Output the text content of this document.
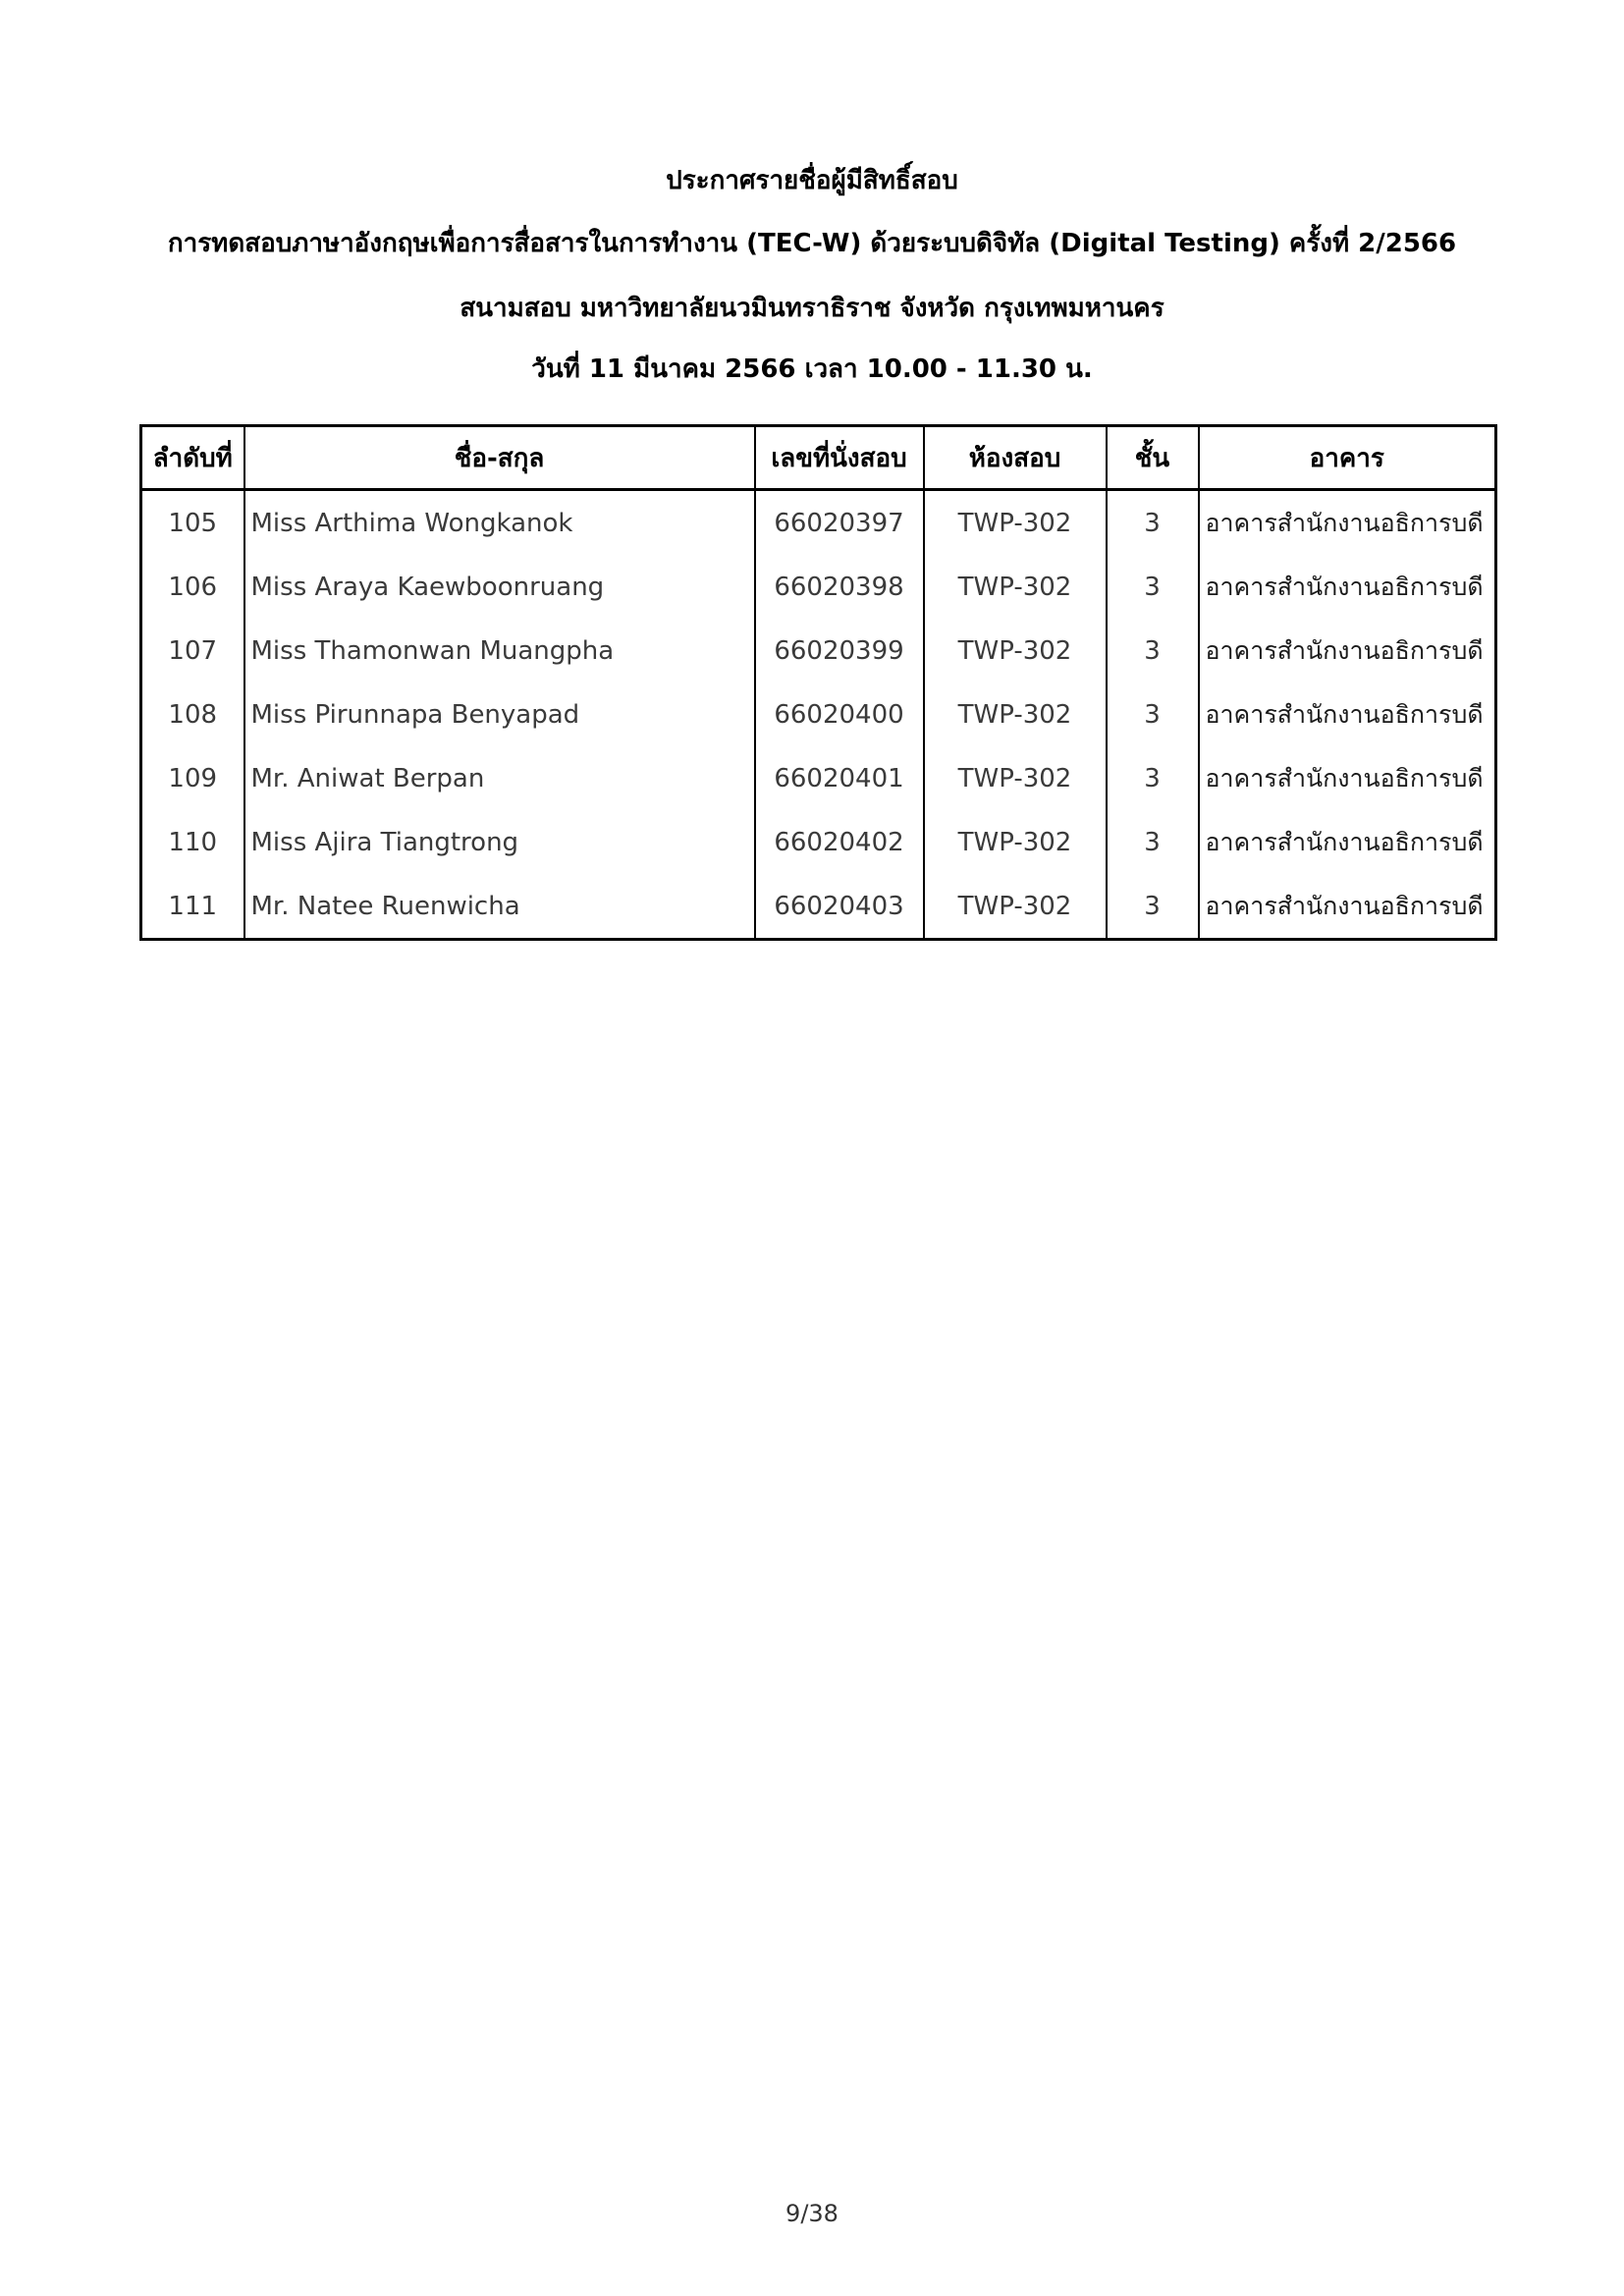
ประกาศรายชื่อผู้มีสิทธิ์สอบ
การทดสอบภาษาอังกฤษเพื่อการสื่อสารในการทำงาน (TEC-W) ด้วยระบบดิจิทัล (Digital Testing) ครั้งที่ 2/2566
สนามสอบ มหาวิทยาลัยนวมินทราธิราช จังหวัด กรุงเทพมหานคร
วันที่ 11 มีนาคม 2566 เวลา 10.00 - 11.30 น.
ลำดับที่	ชื่อ-สกุล	เลขที่นั่งสอบ	ห้องสอบ	ชั้น	อาคาร
105	Miss Arthima Wongkanok	66020397	TWP-302	3	อาคารสำนักงานอธิการบดี
106	Miss Araya Kaewboonruang	66020398	TWP-302	3	อาคารสำนักงานอธิการบดี
107	Miss Thamonwan Muangpha	66020399	TWP-302	3	อาคารสำนักงานอธิการบดี
108	Miss Pirunnapa Benyapad	66020400	TWP-302	3	อาคารสำนักงานอธิการบดี
109	Mr. Aniwat Berpan	66020401	TWP-302	3	อาคารสำนักงานอธิการบดี
110	Miss Ajira Tiangtrong	66020402	TWP-302	3	อาคารสำนักงานอธิการบดี
111	Mr. Natee Ruenwicha	66020403	TWP-302	3	อาคารสำนักงานอธิการบดี
9/38
